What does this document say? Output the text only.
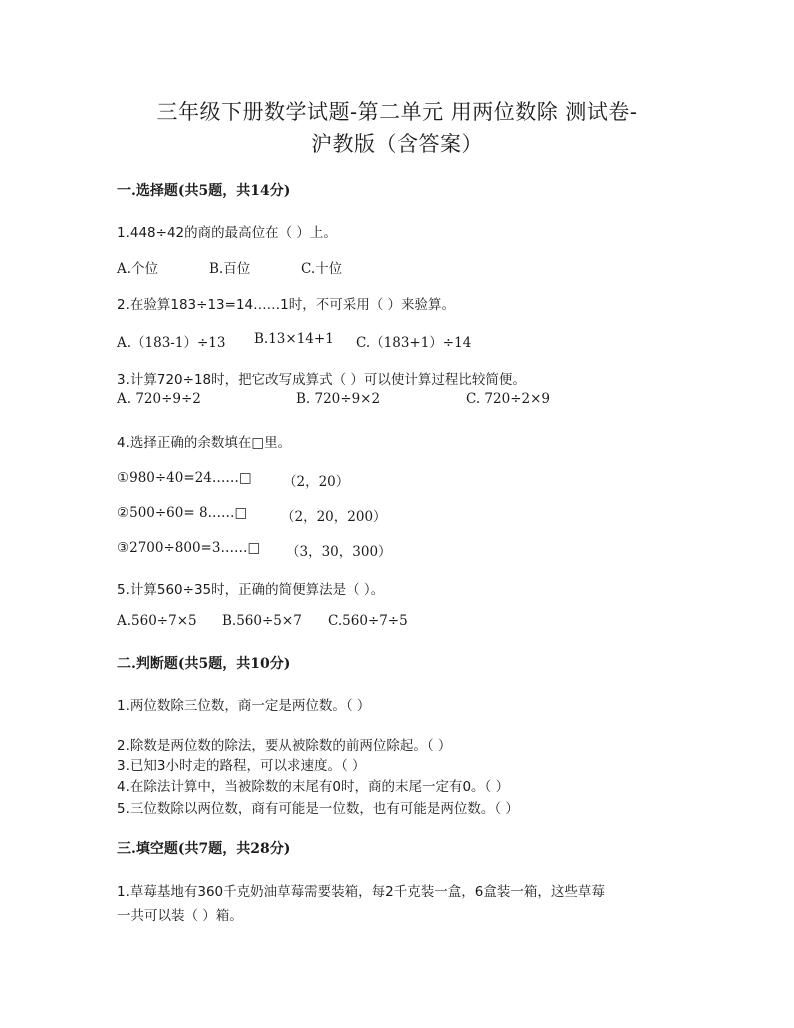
三年级下册数学试题-第二单元 用两位数除 测试卷-
沪教版（含答案）
一.选择题(共5题，共14分)
1.448÷42的商的最高位在（ ）上。
A.个位	B.百位	C.十位
2.在验算183÷13=14……1时，不可采用（ ）来验算。
A.（183-1）÷13 B.13×14+1 C.（183+1）÷14
3.计算720÷18时，把它改写成算式（ ）可以使计算过程比较简便。
A. 720÷9÷2	B. 720÷9×2	C. 720÷2×9
4.选择正确的余数填在□里。
①980÷40=24……□ （2，20）
②500÷60= 8……□ （2，20，200）
③2700÷800=3……□ （3，30，300）
5.计算560÷35时，正确的简便算法是（ ）。
A.560÷7×5 B.560÷5×7 C.560÷7÷5
二.判断题(共5题，共10分)
1.两位数除三位数，商一定是两位数。（ ）
2.除数是两位数的除法，要从被除数的前两位除起。（ ）
3.已知3小时走的路程，可以求速度。（ ）
4.在除法计算中，当被除数的末尾有0时，商的末尾一定有0。（ ）
5.三位数除以两位数，商有可能是一位数，也有可能是两位数。（ ）
三.填空题(共7题，共28分)
1.草莓基地有360千克奶油草莓需要装箱，每2千克装一盒，6盒装一箱，这些草莓
一共可以装（ ）箱。
